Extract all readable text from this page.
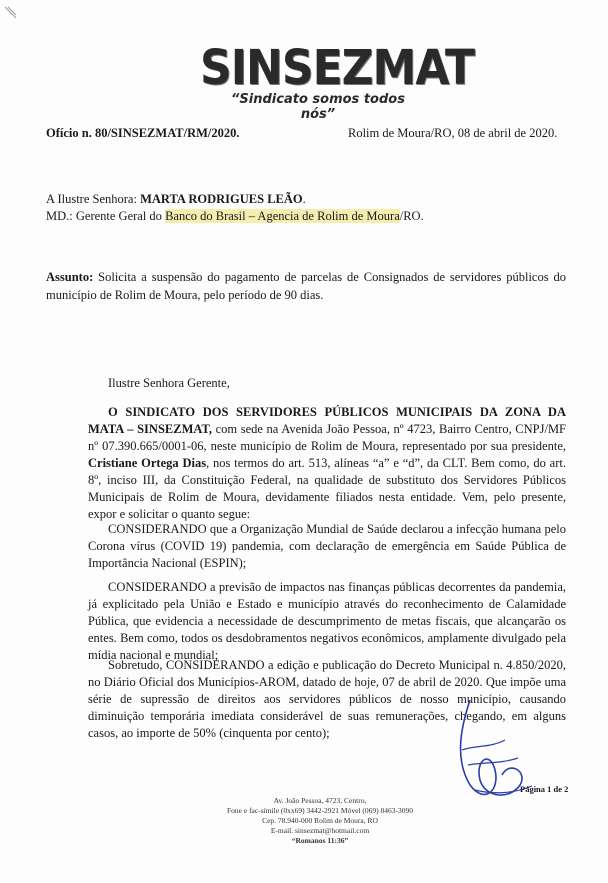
SINSEZMAT
“Sindicato somos todos nós”
Ofício n. 80/SINSEZMAT/RM/2020.	Rolim de Moura/RO, 08 de abril de 2020.
A Ilustre Senhora: MARTA RODRIGUES LEÃO.
MD.: Gerente Geral do Banco do Brasil – Agencia de Rolim de Moura/RO.
Assunto: Solicita a suspensão do pagamento de parcelas de Consignados de servidores públicos do município de Rolim de Moura, pelo período de 90 dias.
Ilustre Senhora Gerente,
O SINDICATO DOS SERVIDORES PÚBLICOS MUNICIPAIS DA ZONA DA MATA – SINSEZMAT, com sede na Avenida João Pessoa, nº 4723, Bairro Centro, CNPJ/MF nº 07.390.665/0001-06, neste município de Rolim de Moura, representado por sua presidente, Cristiane Ortega Dias, nos termos do art. 513, alíneas “a” e “d”, da CLT. Bem como, do art. 8º, inciso III, da Constituição Federal, na qualidade de substituto dos Servidores Públicos Municipais de Rolim de Moura, devidamente filiados nesta entidade. Vem, pelo presente, expor e solicitar o quanto segue:
CONSIDERANDO que a Organização Mundial de Saúde declarou a infecção humana pelo Corona vírus (COVID 19) pandemia, com declaração de emergência em Saúde Pública de Importância Nacional (ESPIN);
CONSIDERANDO a previsão de impactos nas finanças públicas decorrentes da pandemia, já explicitado pela União e Estado e município através do reconhecimento de Calamidade Pública, que evidencia a necessidade de descumprimento de metas fiscais, que alcançarão os entes. Bem como, todos os desdobramentos negativos econômicos, amplamente divulgado pela mídia nacional e mundial;
Sobretudo, CONSIDERANDO a edição e publicação do Decreto Municipal n. 4.850/2020, no Diário Oficial dos Municípios-AROM, datado de hoje, 07 de abril de 2020. Que impõe uma série de supressão de direitos aos servidores públicos de nosso município, causando diminuição temporária imediata considerável de suas remunerações, chegando, em alguns casos, ao importe de 50% (cinquenta por cento);
Página 1 de 2
Av. João Pessoa, 4723, Centro,
Fone e fac-símile (0xx69) 3442-2921 Móvel (069) 8463-3090
Cep. 78.940-000 Rolim de Moura, RO
E-mail. sinsezmat@hotmail.com
“Romanos 11:36”
